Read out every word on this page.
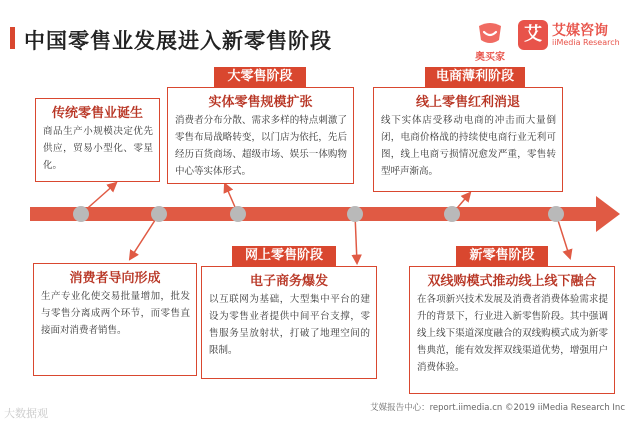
中国零售业发展进入新零售阶段
奥买家
艾 艾媒咨询
iiMedia Research
大零售阶段	电商薄利阶段
网上零售阶段	新零售阶段
传统零售业诞生
商品生产小规模决定优先供应，贸易小型化、零星化。
实体零售规模扩张
消费者分布分散、需求多样的特点刺激了零售布局战略转变，以门店为依托，先后经历百货商场、超级市场、娱乐一体购物中心等实体形式。
线上零售红利消退
线下实体店受移动电商的冲击而大量倒闭，电商价格战的持续使电商行业无利可图，线上电商亏损情况愈发严重，零售转型呼声渐高。
消费者导向形成
生产专业化使交易批量增加，批发与零售分离成两个环节，而零售直接面对消费者销售。
电子商务爆发
以互联网为基础，大型集中平台的建设为零售业者提供中间平台支撑，零售服务呈放射状，打破了地理空间的限制。
双线购模式推动线上线下融合
在各项新兴技术发展及消费者消费体验需求提升的背景下，行业进入新零售阶段。其中强调线上线下渠道深度融合的双线购模式成为新零售典范，能有效发挥双线渠道优势，增强用户消费体验。
艾媒报告中心：report.iimedia.cn ©2019 iiMedia Research Inc
大数据观
